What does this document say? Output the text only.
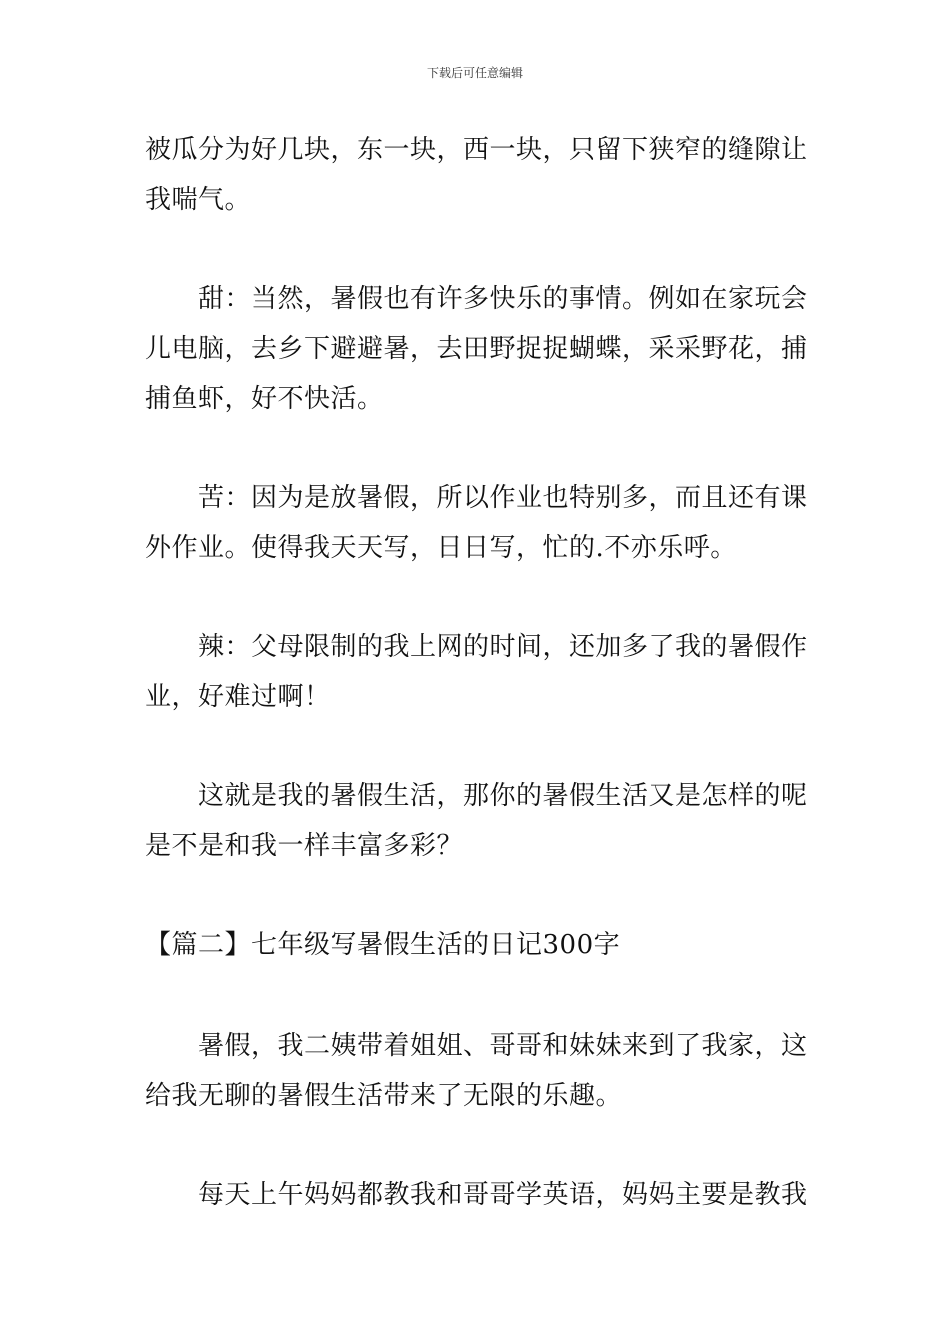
下载后可任意编辑
被瓜分为好几块，东一块，西一块，只留下狭窄的缝隙让
我喘气。
甜：当然，暑假也有许多快乐的事情。例如在家玩会
儿电脑，去乡下避避暑，去田野捉捉蝴蝶，采采野花，捕
捕鱼虾，好不快活。
苦：因为是放暑假，所以作业也特别多，而且还有课
外作业。使得我天天写，日日写，忙的.不亦乐呼。
辣：父母限制的我上网的时间，还加多了我的暑假作
业，好难过啊！
这就是我的暑假生活，那你的暑假生活又是怎样的呢
是不是和我一样丰富多彩？
【篇二】七年级写暑假生活的日记300字
暑假，我二姨带着姐姐、哥哥和妹妹来到了我家，这
给我无聊的暑假生活带来了无限的乐趣。
每天上午妈妈都教我和哥哥学英语，妈妈主要是教我
